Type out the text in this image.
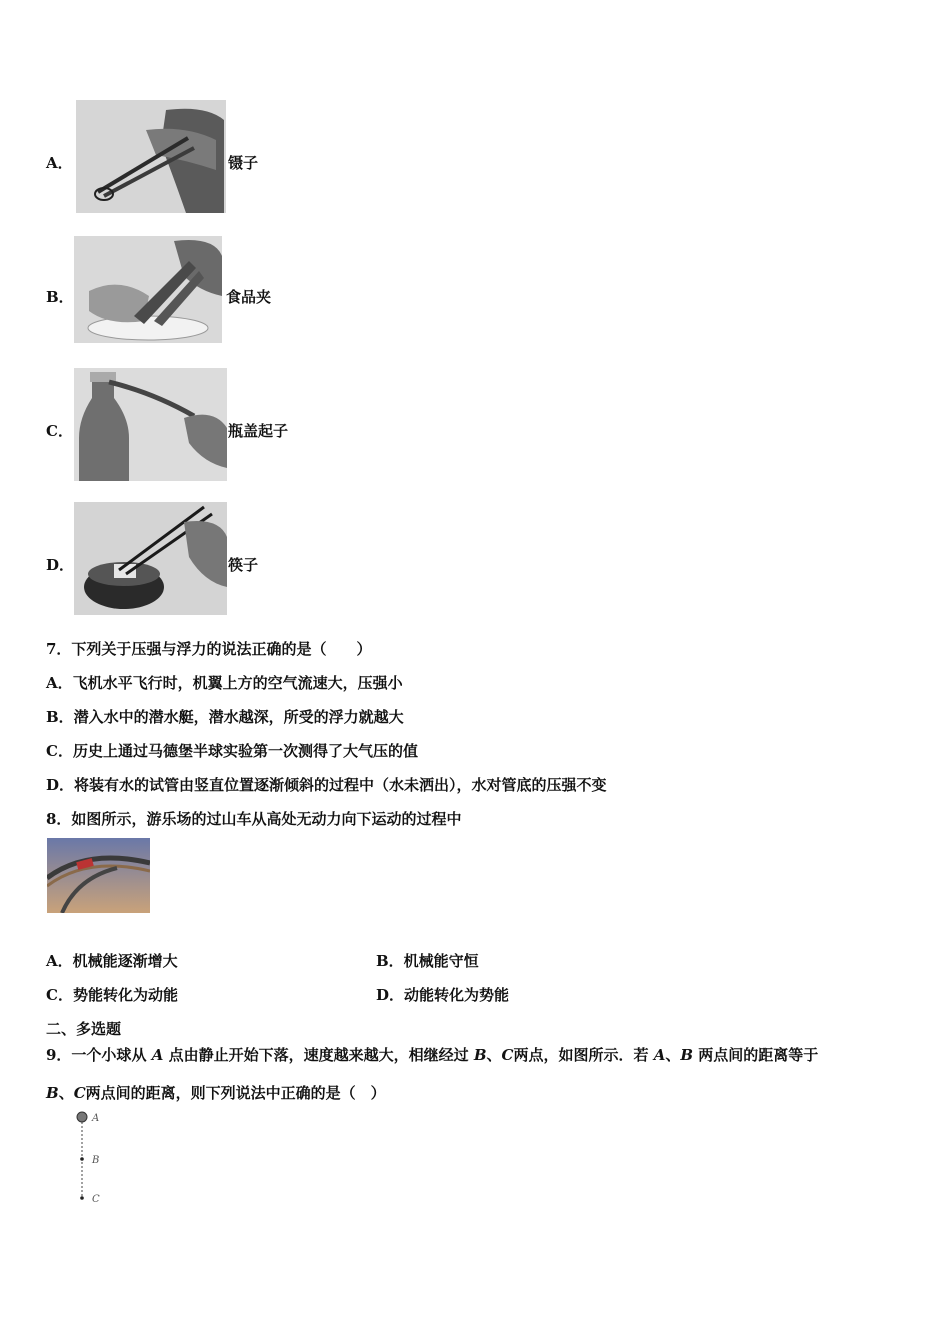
A．	镊子
B．	食品夹
C．	瓶盖起子
D．	筷子
7．下列关于压强与浮力的说法正确的是（　　）
A．飞机水平飞行时，机翼上方的空气流速大，压强小
B．潜入水中的潜水艇，潜水越深，所受的浮力就越大
C．历史上通过马德堡半球实验第一次测得了大气压的值
D．将装有水的试管由竖直位置逐渐倾斜的过程中（水未洒出），水对管底的压强不变
8．如图所示，游乐场的过山车从高处无动力向下运动的过程中
A．机械能逐渐增大	B．机械能守恒
C．势能转化为动能	D．动能转化为势能
二、多选题
9．一个小球从 A 点由静止开始下落，速度越来越大，相继经过 B、C两点，如图所示．若 A、B 两点间的距离等于
B、C两点间的距离，则下列说法中正确的是（　）
A
B
C
